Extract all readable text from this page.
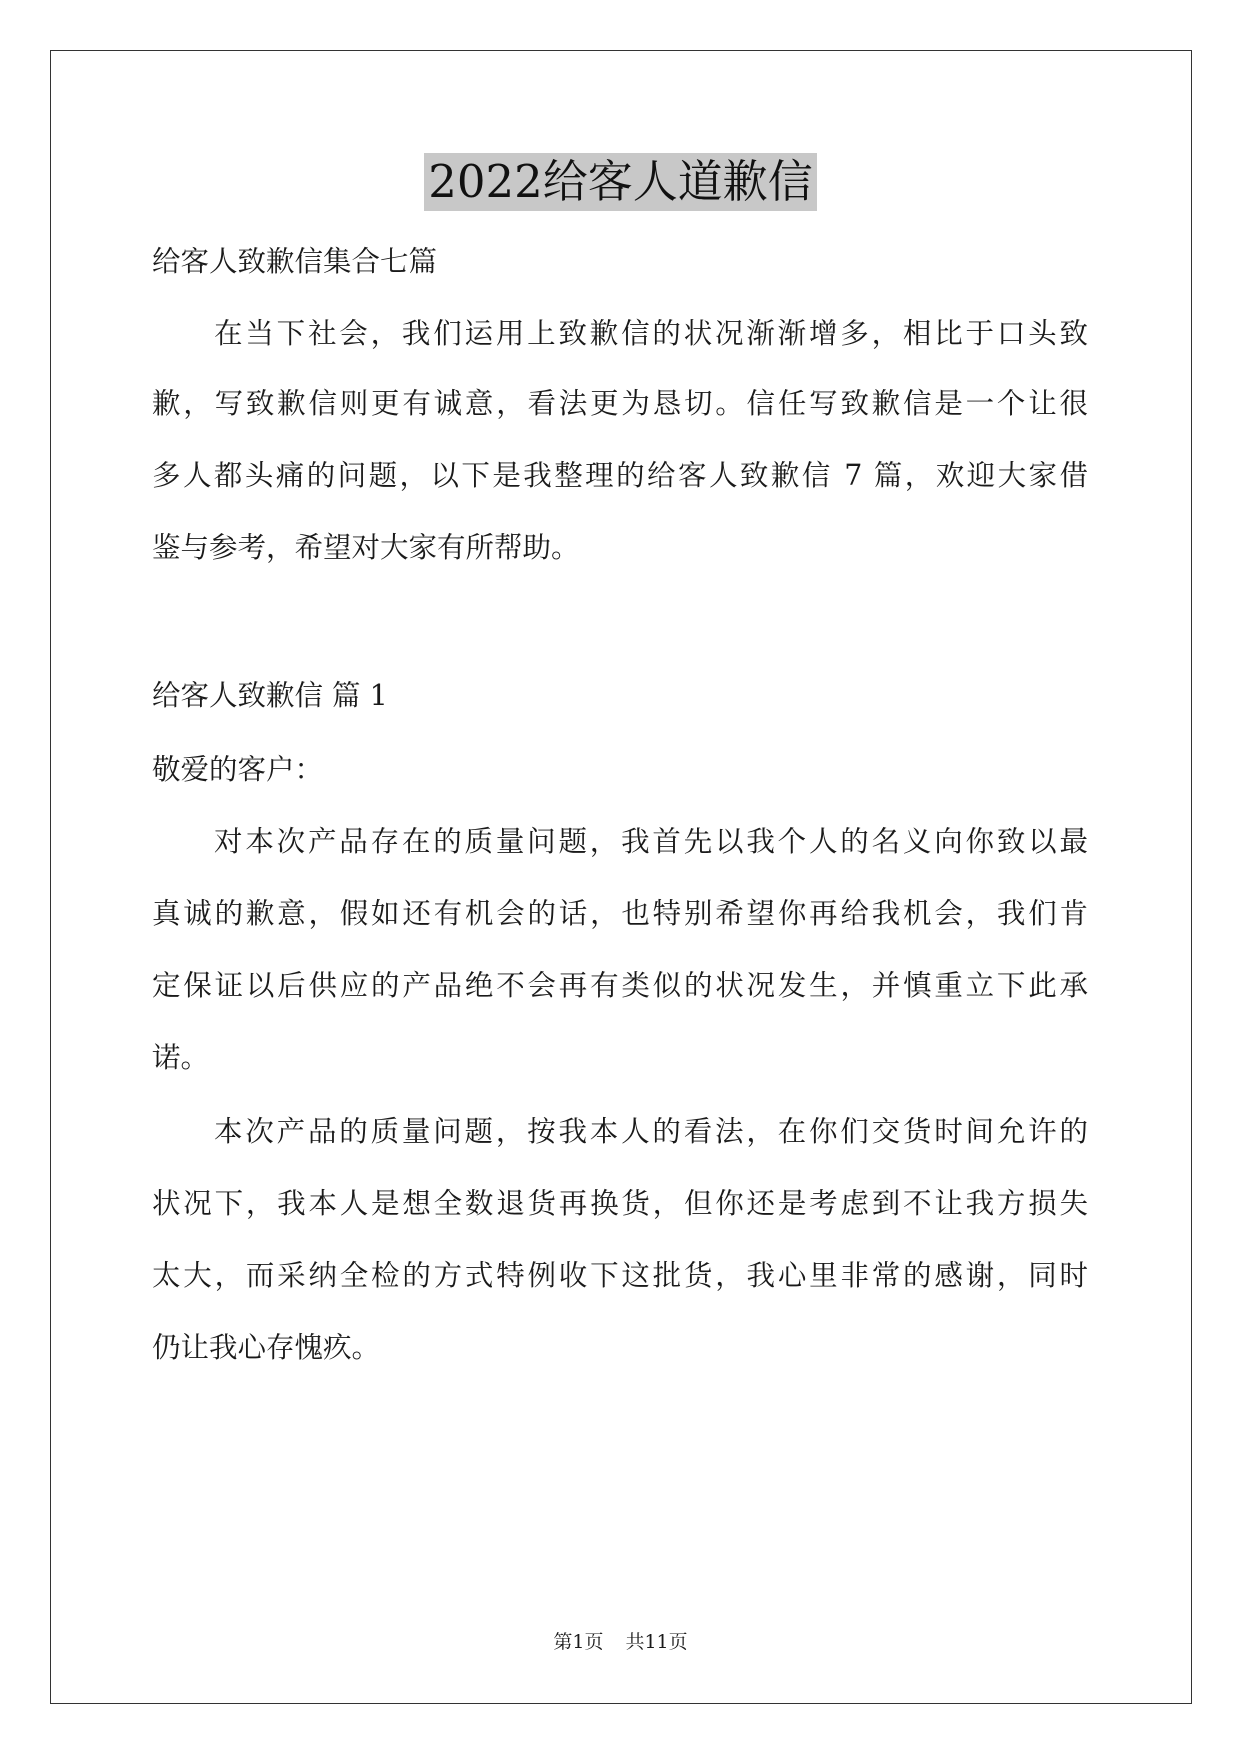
2022给客人道歉信
给客人致歉信集合七篇
在当下社会，我们运用上致歉信的状况渐渐增多，相比于口头致
歉，写致歉信则更有诚意，看法更为恳切。信任写致歉信是一个让很
多人都头痛的问题，以下是我整理的给客人致歉信 7 篇，欢迎大家借
鉴与参考，希望对大家有所帮助。
给客人致歉信 篇 1
敬爱的客户：
对本次产品存在的质量问题，我首先以我个人的名义向你致以最
真诚的歉意，假如还有机会的话，也特别希望你再给我机会，我们肯
定保证以后供应的产品绝不会再有类似的状况发生，并慎重立下此承
诺。
本次产品的质量问题，按我本人的看法，在你们交货时间允许的
状况下，我本人是想全数退货再换货，但你还是考虑到不让我方损失
太大，而采纳全检的方式特例收下这批货，我心里非常的感谢，同时
仍让我心存愧疚。
第1页 共11页
